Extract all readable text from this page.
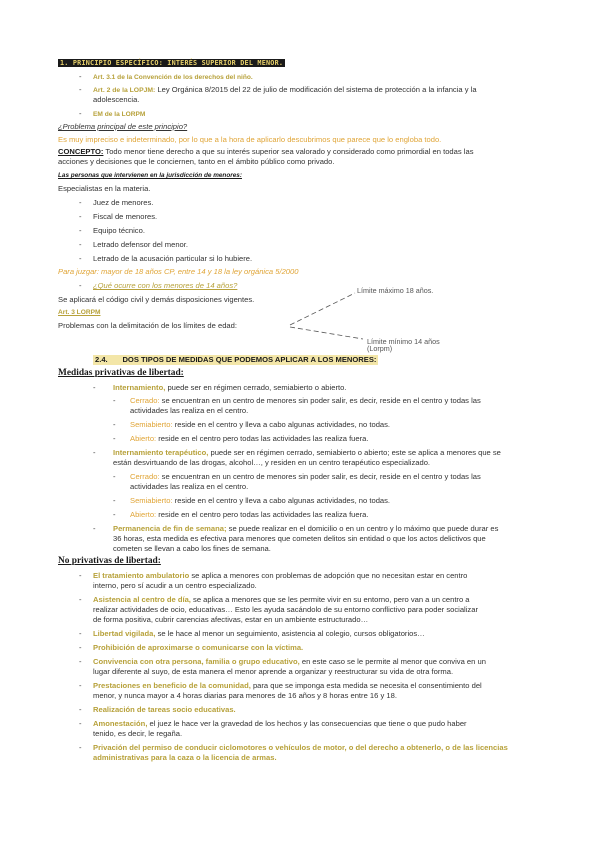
1. PRINCIPIO ESPECÍFICO: INTERÉS SUPERIOR DEL MENOR.
- Art. 3.1 de la Convención de los derechos del niño.
- Art. 2 de la LOPJM: Ley Orgánica 8/2015 del 22 de julio de modificación del sistema de protección a la infancia y la
adolescencia.
- EM de la LORPM
¿Problema principal de este principio?
Es muy impreciso e indeterminado, por lo que a la hora de aplicarlo descubrimos que parece que lo engloba todo.
CONCEPTO: Todo menor tiene derecho a que su interés superior sea valorado y considerado como primordial en todas las
acciones y decisiones que le conciernen, tanto en el ámbito público como privado.
Las personas que intervienen en la jurisdicción de menores:
Especialistas en la materia.
- Juez de menores.
- Fiscal de menores.
- Equipo técnico.
- Letrado defensor del menor.
- Letrado de la acusación particular si lo hubiere.
Para juzgar: mayor de 18 años CP, entre 14 y 18 la ley orgánica 5/2000
- ¿Qué ocurre con los menores de 14 años?
Se aplicará el código civil y demás disposiciones vigentes.
Art. 3 LORPM
Problemas con la delimitación de los límites de edad:
Límite máximo 18 años.
Límite mínimo 14 años
(Lorpm)
2.4. DOS TIPOS DE MEDIDAS QUE PODEMOS APLICAR A LOS MENORES:
Medidas privativas de libertad:
- Internamiento, puede ser en régimen cerrado, semiabierto o abierto.
- Cerrado: se encuentran en un centro de menores sin poder salir, es decir, reside en el centro y todas las
actividades las realiza en el centro.
- Semiabierto: reside en el centro y lleva a cabo algunas actividades, no todas.
- Abierto: reside en el centro pero todas las actividades las realiza fuera.
- Internamiento terapéutico, puede ser en régimen cerrado, semiabierto o abierto; este se aplica a menores que se
están desvirtuando de las drogas, alcohol…, y residen en un centro terapéutico especializado.
- Cerrado: se encuentran en un centro de menores sin poder salir, es decir, reside en el centro y todas las
actividades las realiza en el centro.
- Semiabierto: reside en el centro y lleva a cabo algunas actividades, no todas.
- Abierto: reside en el centro pero todas las actividades las realiza fuera.
- Permanencia de fin de semana; se puede realizar en el domicilio o en un centro y lo máximo que puede durar es
36 horas, esta medida es efectiva para menores que cometen delitos sin entidad o que los actos delictivos que
cometen se llevan a cabo los fines de semana.
No privativas de libertad:
- El tratamiento ambulatorio se aplica a menores con problemas de adopción que no necesitan estar en centro
interno, pero sí acudir a un centro especializado.
- Asistencia al centro de día, se aplica a menores que se les permite vivir en su entorno, pero van a un centro a
realizar actividades de ocio, educativas… Esto les ayuda sacándolo de su entorno conflictivo para poder socializar
de forma positiva, cubrir carencias afectivas, estar en un ambiente estructurado…
- Libertad vigilada, se le hace al menor un seguimiento, asistencia al colegio, cursos obligatorios…
- Prohibición de aproximarse o comunicarse con la víctima.
- Convivencia con otra persona, familia o grupo educativo, en este caso se le permite al menor que conviva en un
lugar diferente al suyo, de esta manera el menor aprende a organizar y reestructurar su vida de otra forma.
- Prestaciones en beneficio de la comunidad, para que se imponga esta medida se necesita el consentimiento del
menor, y nunca mayor a 4 horas diarias para menores de 16 años y 8 horas entre 16 y 18.
- Realización de tareas socio educativas.
- Amonestación, el juez le hace ver la gravedad de los hechos y las consecuencias que tiene o que pudo haber
tenido, es decir, le regaña.
- Privación del permiso de conducir ciclomotores o vehículos de motor, o del derecho a obtenerlo, o de las licencias
administrativas para la caza o la licencia de armas.
